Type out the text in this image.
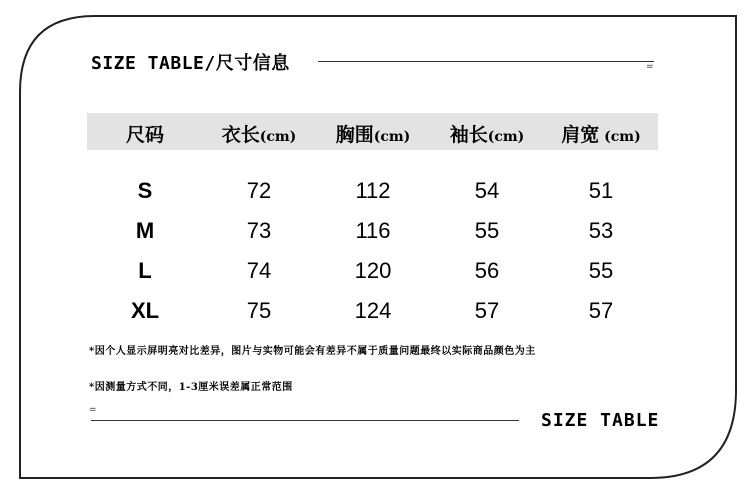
SIZE TABLE/尺寸信息	=
尺码	衣长(cm)	胸围(cm)	袖长(cm)	肩宽 (cm)
S	72	112	54	51
M	73	116	55	53
L	74	120	56	55
XL	75	124	57	57
*因个人显示屏明亮对比差异，图片与实物可能会有差异不属于质量问题最终以实际商品颜色为主
*因测量方式不同，1-3厘米误差属正常范围
=	SIZE TABLE
